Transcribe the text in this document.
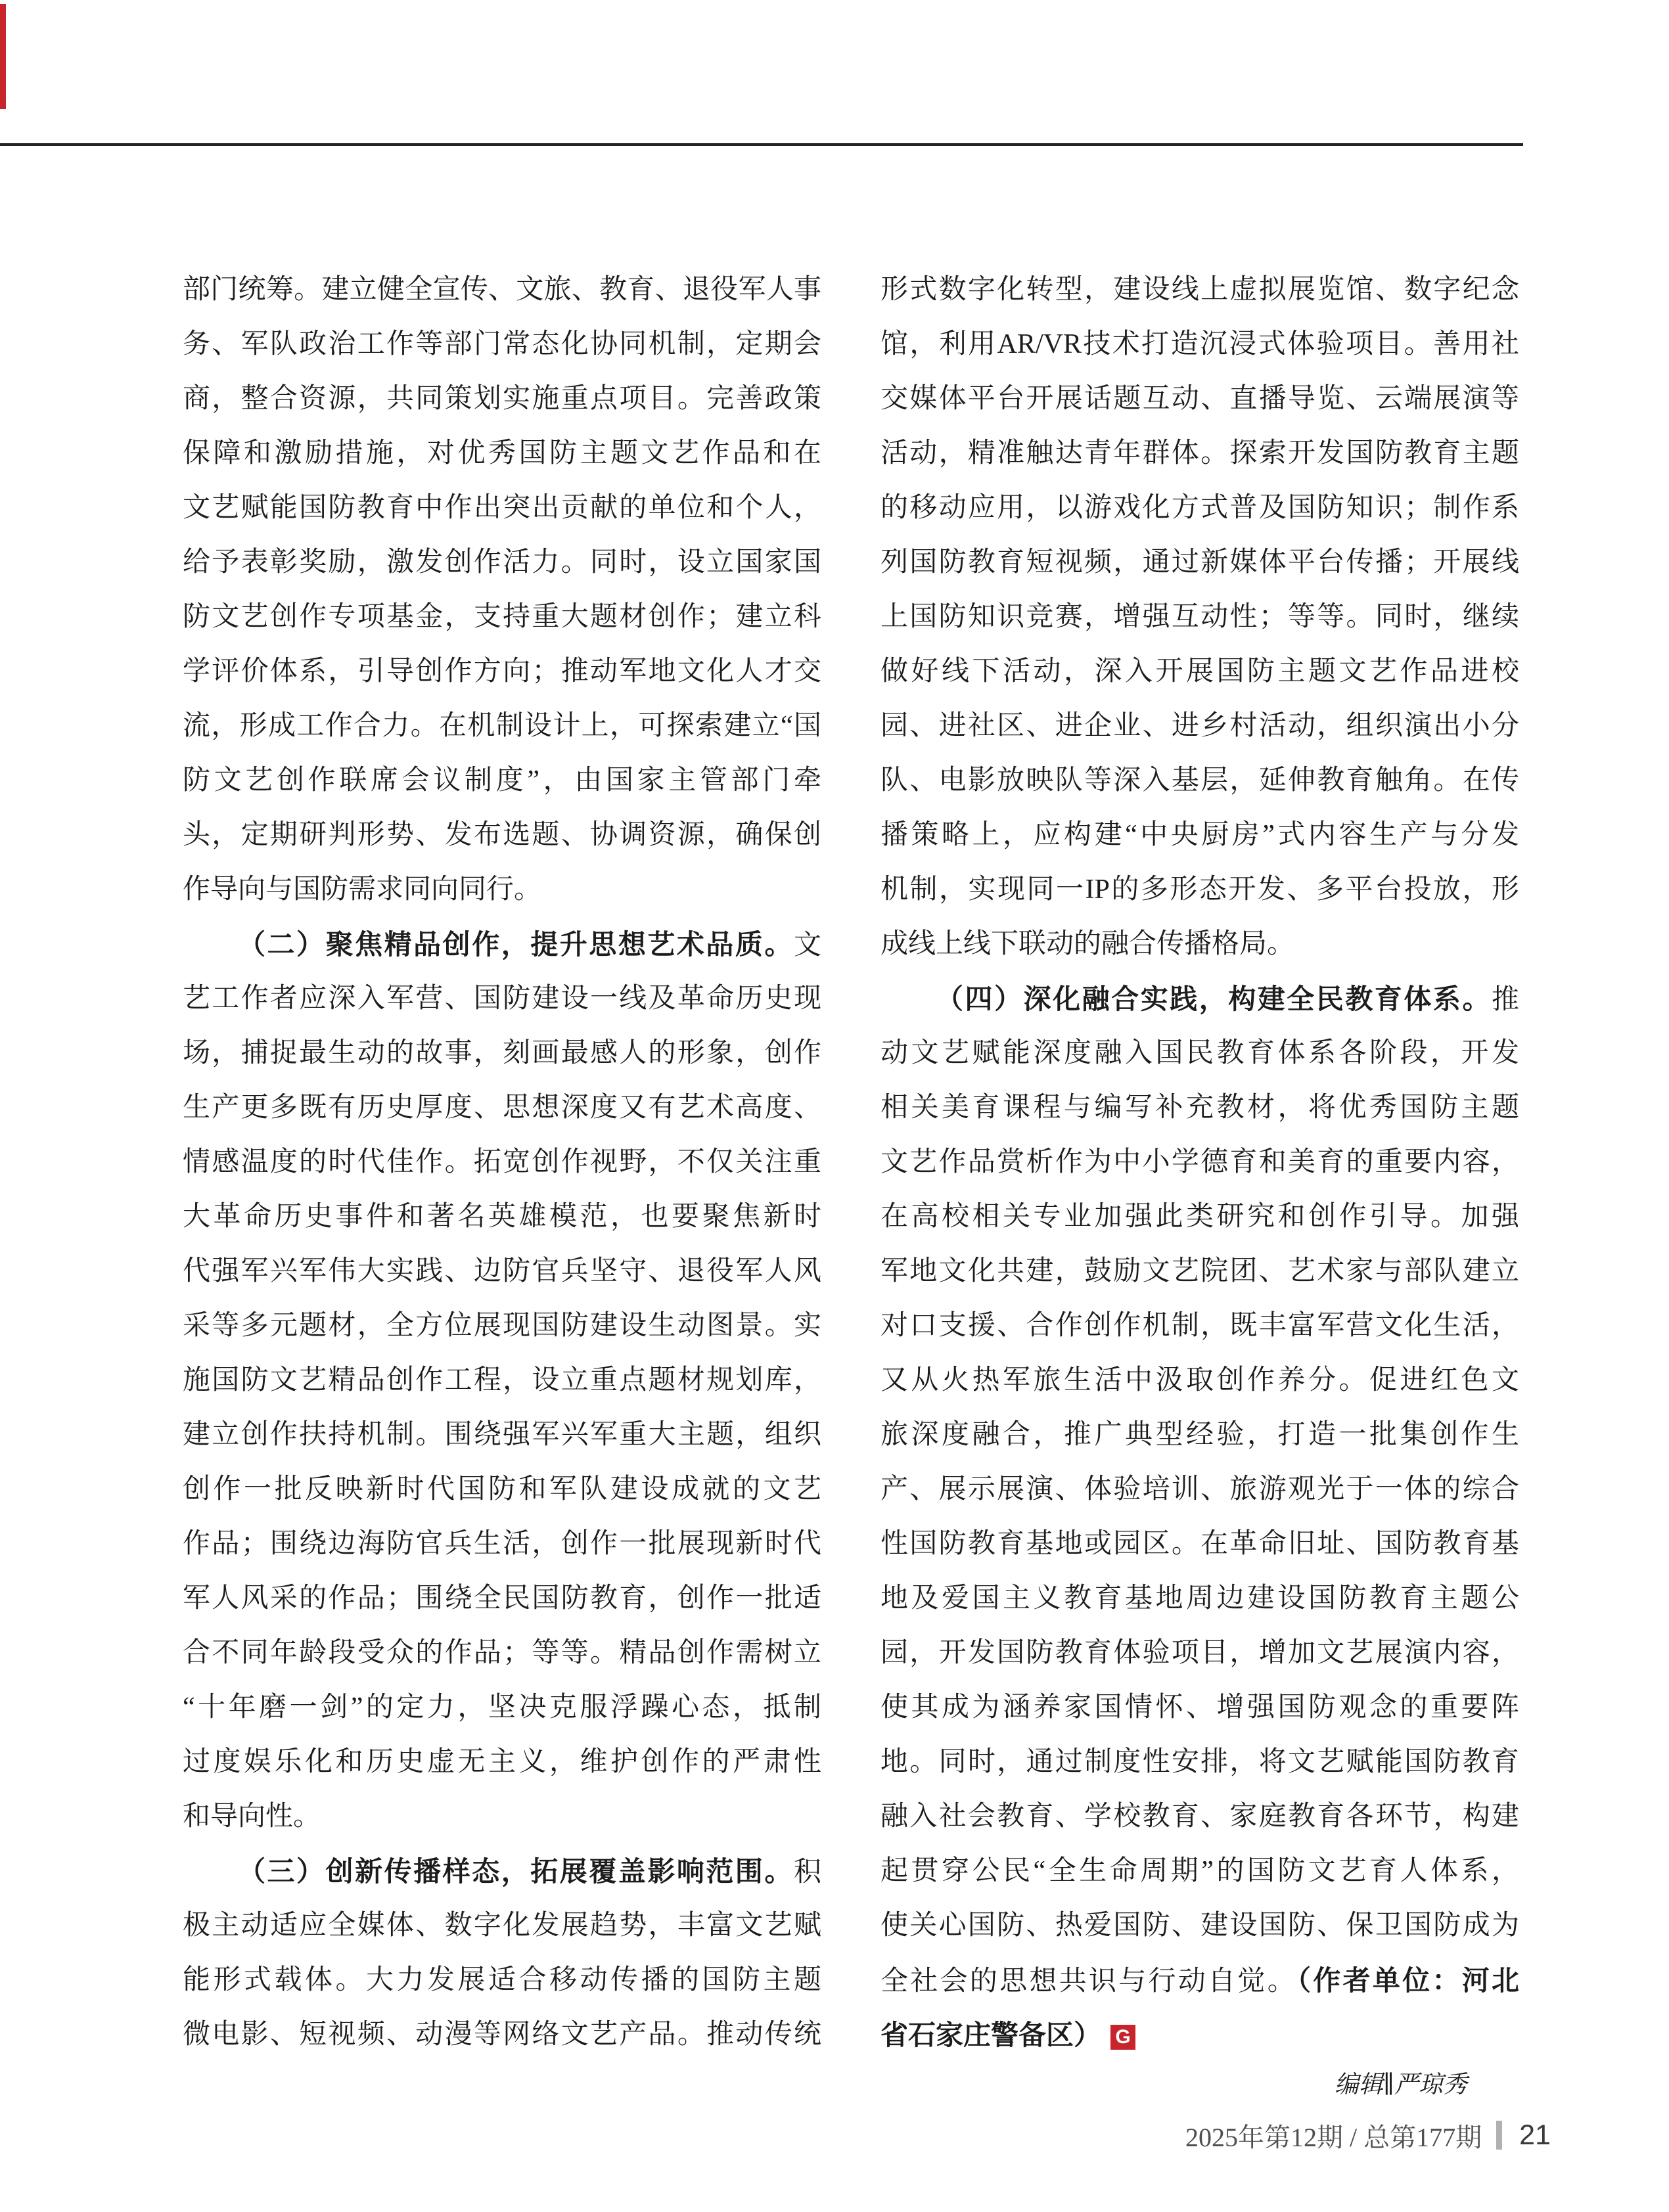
部门统筹。建立健全宣传、文旅、教育、退役军人事
务、军队政治工作等部门常态化协同机制，定期会
商，整合资源，共同策划实施重点项目。完善政策
保障和激励措施，对优秀国防主题文艺作品和在
文艺赋能国防教育中作出突出贡献的单位和个人，
给予表彰奖励，激发创作活力。同时，设立国家国
防文艺创作专项基金，支持重大题材创作；建立科
学评价体系，引导创作方向；推动军地文化人才交
流，形成工作合力。在机制设计上，可探索建立“国
防文艺创作联席会议制度”，由国家主管部门牵
头，定期研判形势、发布选题、协调资源，确保创
作导向与国防需求同向同行。
（二）聚焦精品创作，提升思想艺术品质。文
艺工作者应深入军营、国防建设一线及革命历史现
场，捕捉最生动的故事，刻画最感人的形象，创作
生产更多既有历史厚度、思想深度又有艺术高度、
情感温度的时代佳作。拓宽创作视野，不仅关注重
大革命历史事件和著名英雄模范，也要聚焦新时
代强军兴军伟大实践、边防官兵坚守、退役军人风
采等多元题材，全方位展现国防建设生动图景。实
施国防文艺精品创作工程，设立重点题材规划库，
建立创作扶持机制。围绕强军兴军重大主题，组织
创作一批反映新时代国防和军队建设成就的文艺
作品；围绕边海防官兵生活，创作一批展现新时代
军人风采的作品；围绕全民国防教育，创作一批适
合不同年龄段受众的作品；等等。精品创作需树立
“十年磨一剑”的定力，坚决克服浮躁心态，抵制
过度娱乐化和历史虚无主义，维护创作的严肃性
和导向性。
（三）创新传播样态，拓展覆盖影响范围。积
极主动适应全媒体、数字化发展趋势，丰富文艺赋
能形式载体。大力发展适合移动传播的国防主题
微电影、短视频、动漫等网络文艺产品。推动传统
形式数字化转型，建设线上虚拟展览馆、数字纪念
馆，利用AR/VR技术打造沉浸式体验项目。善用社
交媒体平台开展话题互动、直播导览、云端展演等
活动，精准触达青年群体。探索开发国防教育主题
的移动应用，以游戏化方式普及国防知识；制作系
列国防教育短视频，通过新媒体平台传播；开展线
上国防知识竞赛，增强互动性；等等。同时，继续
做好线下活动，深入开展国防主题文艺作品进校
园、进社区、进企业、进乡村活动，组织演出小分
队、电影放映队等深入基层，延伸教育触角。在传
播策略上，应构建“中央厨房”式内容生产与分发
机制，实现同一IP的多形态开发、多平台投放，形
成线上线下联动的融合传播格局。
（四）深化融合实践，构建全民教育体系。推
动文艺赋能深度融入国民教育体系各阶段，开发
相关美育课程与编写补充教材，将优秀国防主题
文艺作品赏析作为中小学德育和美育的重要内容，
在高校相关专业加强此类研究和创作引导。加强
军地文化共建，鼓励文艺院团、艺术家与部队建立
对口支援、合作创作机制，既丰富军营文化生活，
又从火热军旅生活中汲取创作养分。促进红色文
旅深度融合，推广典型经验，打造一批集创作生
产、展示展演、体验培训、旅游观光于一体的综合
性国防教育基地或园区。在革命旧址、国防教育基
地及爱国主义教育基地周边建设国防教育主题公
园，开发国防教育体验项目，增加文艺展演内容，
使其成为涵养家国情怀、增强国防观念的重要阵
地。同时，通过制度性安排，将文艺赋能国防教育
融入社会教育、学校教育、家庭教育各环节，构建
起贯穿公民“全生命周期”的国防文艺育人体系，
使关心国防、热爱国防、建设国防、保卫国防成为
全社会的思想共识与行动自觉。（作者单位：河北
省石家庄警备区） G
编辑∥严琼秀
2025年第12期 / 总第177期 21
